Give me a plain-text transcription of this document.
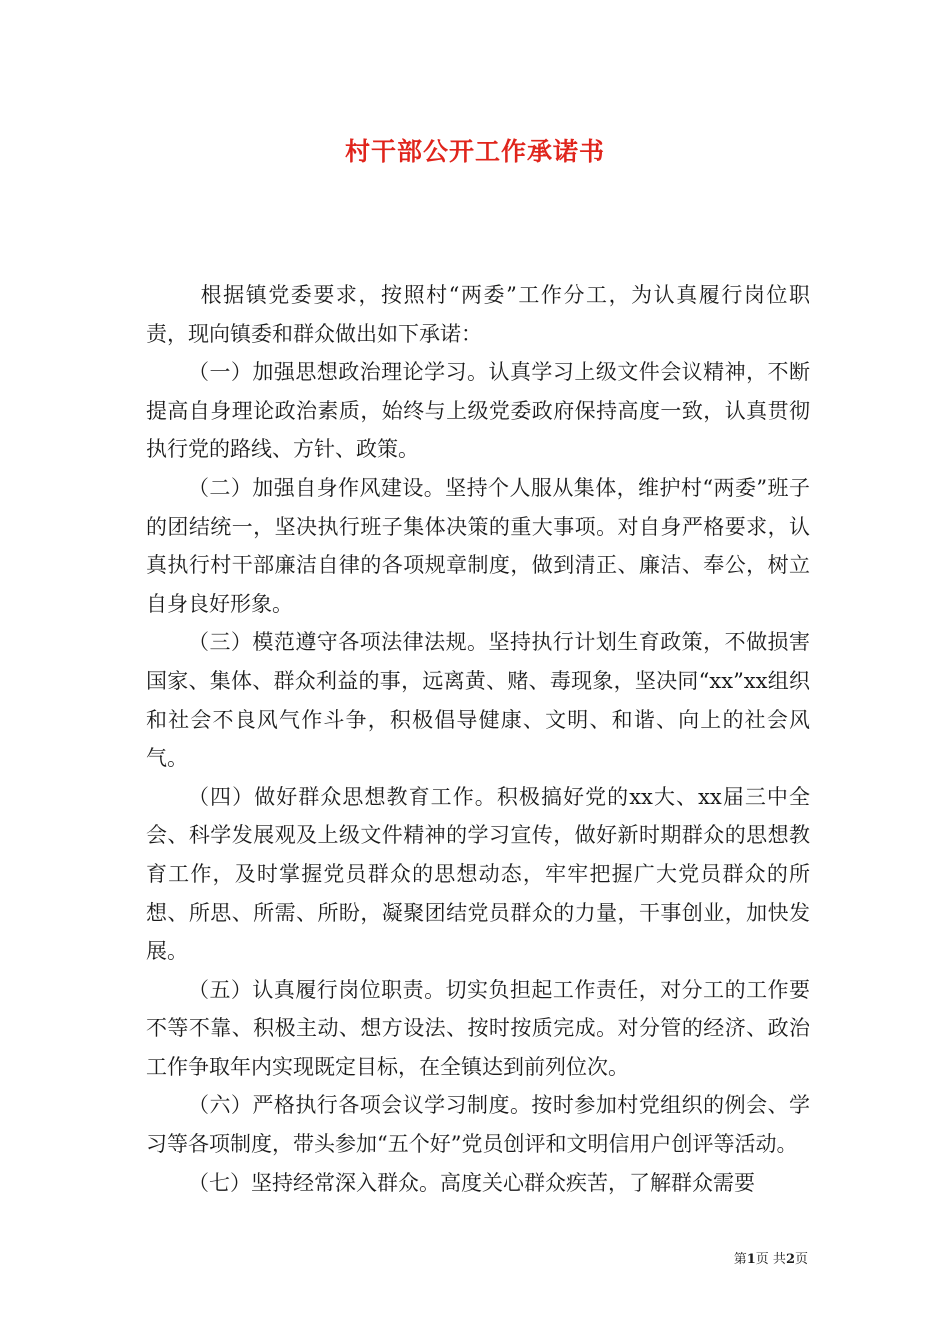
村干部公开工作承诺书

根据镇党委要求，按照村“两委”工作分工，为认真履行岗位职责，现向镇委和群众做出如下承诺：

（一）加强思想政治理论学习。认真学习上级文件会议精神，不断提高自身理论政治素质，始终与上级党委政府保持高度一致，认真贯彻执行党的路线、方针、政策。

（二）加强自身作风建设。坚持个人服从集体，维护村“两委”班子的团结统一，坚决执行班子集体决策的重大事项。对自身严格要求，认真执行村干部廉洁自律的各项规章制度，做到清正、廉洁、奉公，树立自身良好形象。

（三）模范遵守各项法律法规。坚持执行计划生育政策，不做损害国家、集体、群众利益的事，远离黄、赌、毒现象，坚决同“xx”xx组织和社会不良风气作斗争，积极倡导健康、文明、和谐、向上的社会风气。

（四）做好群众思想教育工作。积极搞好党的xx大、xx届三中全会、科学发展观及上级文件精神的学习宣传，做好新时期群众的思想教育工作，及时掌握党员群众的思想动态，牢牢把握广大党员群众的所想、所思、所需、所盼，凝聚团结党员群众的力量，干事创业，加快发展。

（五）认真履行岗位职责。切实负担起工作责任，对分工的工作要不等不靠、积极主动、想方设法、按时按质完成。对分管的经济、政治工作争取年内实现既定目标，在全镇达到前列位次。

（六）严格执行各项会议学习制度。按时参加村党组织的例会、学习等各项制度，带头参加“五个好”党员创评和文明信用户创评等活动。

（七）坚持经常深入群众。高度关心群众疾苦，了解群众需要

第1页 共2页
